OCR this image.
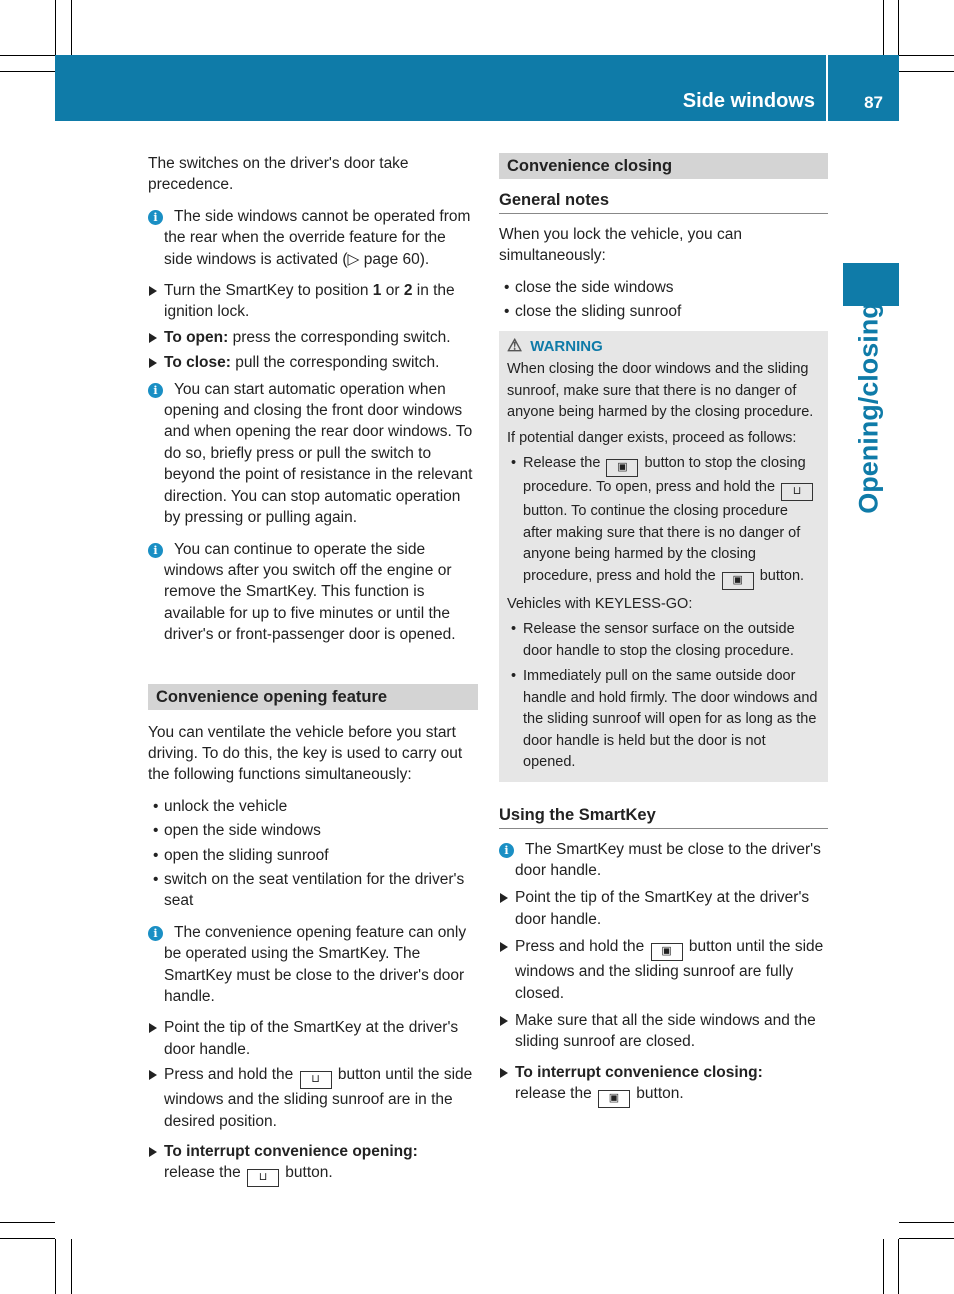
Side windows	87
Opening/closing

The switches on the driver's door take precedence.

i	The side windows cannot be operated from the rear when the override feature for the side windows is activated (▷ page 60).

Turn the SmartKey to position 1 or 2 in the ignition lock.
To open: press the corresponding switch.
To close: pull the corresponding switch.
i	You can start automatic operation when opening and closing the front door windows and when opening the rear door windows. To do so, briefly press or pull the switch to beyond the point of resistance in the relevant direction. You can stop automatic operation by pressing or pulling again.

i	You can continue to operate the side windows after you switch off the engine or remove the SmartKey. This function is available for up to five minutes or until the driver's or front-passenger door is opened.

Convenience opening feature

You can ventilate the vehicle before you start driving. To do this, the key is used to carry out the following functions simultaneously:

• unlock the vehicle
• open the side windows
• open the sliding sunroof
• switch on the seat ventilation for the driver's seat
i	The convenience opening feature can only be operated using the SmartKey. The SmartKey must be close to the driver's door handle.

Point the tip of the SmartKey at the driver's door handle.
Press and hold the ⊔ button until the side windows and the sliding sunroof are in the desired position.
To interrupt convenience opening:
release the ⊔ button.
Convenience closing
General notes

When you lock the vehicle, you can simultaneously:

• close the side windows
• close the sliding sunroof
⚠ WARNING

When closing the door windows and the sliding sunroof, make sure that there is no danger of anyone being harmed by the closing procedure.

If potential danger exists, proceed as follows:

• Release the ▣ button to stop the closing procedure. To open, press and hold the ⊔ button. To continue the closing procedure after making sure that there is no danger of anyone being harmed by the closing procedure, press and hold the ▣ button.

Vehicles with KEYLESS-GO:

• Release the sensor surface on the outside door handle to stop the closing procedure.
• Immediately pull on the same outside door handle and hold firmly. The door windows and the sliding sunroof will open for as long as the door handle is held but the door is not opened.
Using the SmartKey
i	The SmartKey must be close to the driver's door handle.

Point the tip of the SmartKey at the driver's door handle.
Press and hold the ▣ button until the side windows and the sliding sunroof are fully closed.
Make sure that all the side windows and the sliding sunroof are closed.
To interrupt convenience closing:
release the ▣ button.
